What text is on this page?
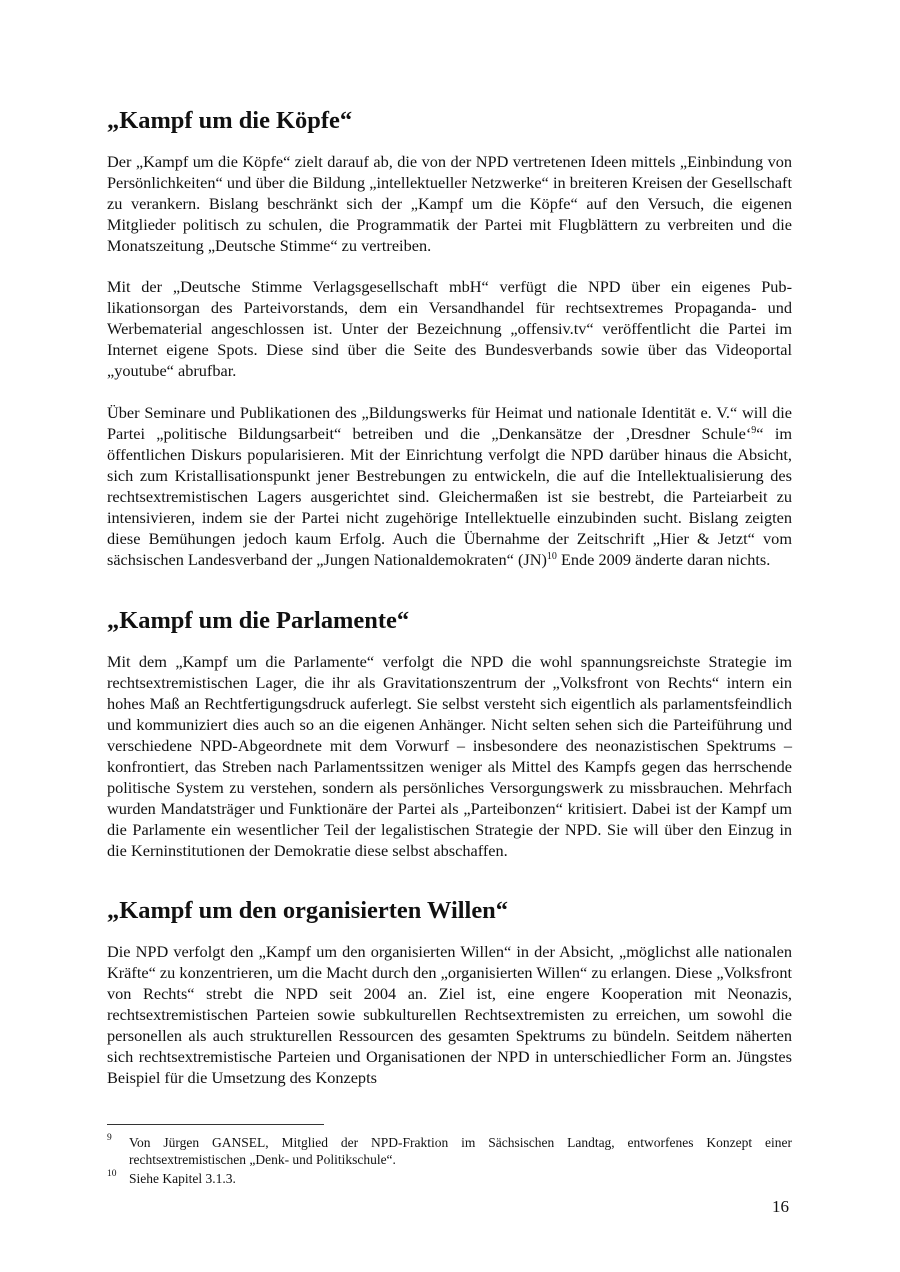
„Kampf um die Köpfe“

Der „Kampf um die Köpfe“ zielt darauf ab, die von der NPD vertretenen Ideen mittels „Einbindung von Persönlichkeiten“ und über die Bildung „intellektueller Netzwerke“ in breiteren Kreisen der Gesellschaft zu verankern. Bislang beschränkt sich der „Kampf um die Köpfe“ auf den Versuch, die eigenen Mitglieder politisch zu schulen, die Programmatik der Partei mit Flugblättern zu verbreiten und die Monatszeitung „Deutsche Stimme“ zu vertreiben.

Mit der „Deutsche Stimme Verlagsgesellschaft mbH“ verfügt die NPD über ein eigenes Publikationsorgan des Parteivorstands, dem ein Versandhandel für rechtsextremes Propaganda- und Werbematerial angeschlossen ist. Unter der Bezeichnung „offensiv.tv“ veröffentlicht die Partei im Internet eigene Spots. Diese sind über die Seite des Bundesverbands sowie über das Videoportal „youtube“ abrufbar.

Über Seminare und Publikationen des „Bildungswerks für Heimat und nationale Identität e. V.“ will die Partei „politische Bildungsarbeit“ betreiben und die „Denkansätze der ‚Dresdner Schule‘$^9$“ im öffentlichen Diskurs popularisieren. Mit der Einrichtung verfolgt die NPD darüber hinaus die Absicht, sich zum Kristallisationspunkt jener Bestrebungen zu entwickeln, die auf die Intellektualisierung des rechtsextremistischen Lagers ausgerichtet sind. Gleichermaßen ist sie bestrebt, die Parteiarbeit zu intensivieren, indem sie der Partei nicht zugehörige Intellektuelle einzubinden sucht. Bislang zeigten diese Bemühungen jedoch kaum Erfolg. Auch die Übernahme der Zeitschrift „Hier & Jetzt“ vom sächsischen Landesverband der „Jungen Nationaldemokraten“ (JN)$^{10}$ Ende 2009 änderte daran nichts.

„Kampf um die Parlamente“

Mit dem „Kampf um die Parlamente“ verfolgt die NPD die wohl spannungsreichste Strategie im rechtsextremistischen Lager, die ihr als Gravitationszentrum der „Volksfront von Rechts“ intern ein hohes Maß an Rechtfertigungsdruck auferlegt. Sie selbst versteht sich eigentlich als parlamentsfeindlich und kommuniziert dies auch so an die eigenen Anhänger. Nicht selten sehen sich die Parteiführung und verschiedene NPD-Abgeordnete mit dem Vorwurf – insbesondere des neonazistischen Spektrums – konfrontiert, das Streben nach Parlamentssitzen weniger als Mittel des Kampfs gegen das herrschende politische System zu verstehen, sondern als persönliches Versorgungswerk zu missbrauchen. Mehrfach wurden Mandatsträger und Funktionäre der Partei als „Parteibonzen“ kritisiert. Dabei ist der Kampf um die Parlamente ein wesentlicher Teil der legalistischen Strategie der NPD. Sie will über den Einzug in die Kerninstitutionen der Demokratie diese selbst abschaffen.

„Kampf um den organisierten Willen“

Die NPD verfolgt den „Kampf um den organisierten Willen“ in der Absicht, „möglichst alle nationalen Kräfte“ zu konzentrieren, um die Macht durch den „organisierten Willen“ zu erlangen. Diese „Volksfront von Rechts“ strebt die NPD seit 2004 an. Ziel ist, eine engere Kooperation mit Neonazis, rechtsextremistischen Parteien sowie subkulturellen Rechtsextremisten zu erreichen, um sowohl die personellen als auch strukturellen Ressourcen des gesamten Spektrums zu bündeln. Seitdem näherten sich rechtsextremistische Parteien und Organisationen der NPD in unterschiedlicher Form an. Jüngstes Beispiel für die Umsetzung des Konzepts

9 Von Jürgen GANSEL, Mitglied der NPD-Fraktion im Sächsischen Landtag, entworfenes Konzept einer rechtsextremistischen „Denk- und Politikschule“.
10 Siehe Kapitel 3.1.3.
16
